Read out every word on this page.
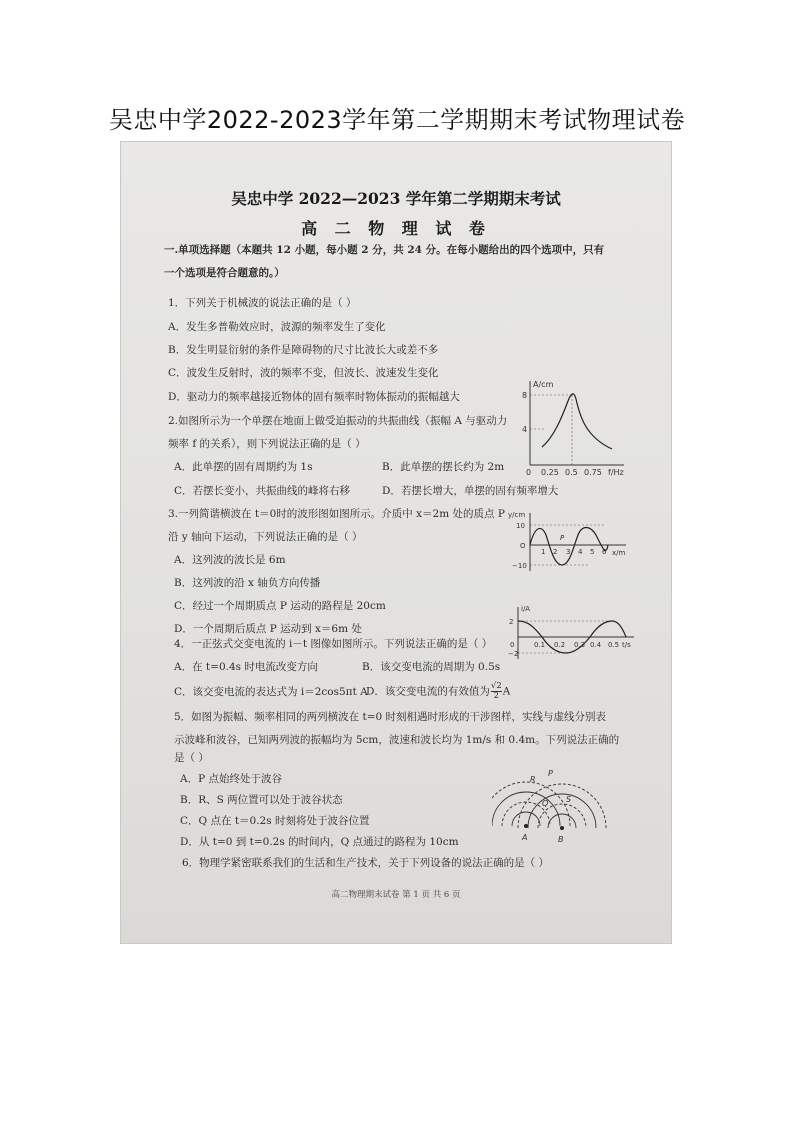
吴忠中学2022-2023学年第二学期期末考试物理试卷
吴忠中学 2022—2023 学年第二学期期末考试
高 二 物 理 试 卷
一.单项选择题（本题共 12 小题，每小题 2 分，共 24 分。在每小题给出的四个选项中，只有
一个选项是符合题意的。）
1．下列关于机械波的说法正确的是（ ）
A．发生多普勒效应时，波源的频率发生了变化
B．发生明显衍射的条件是障碍物的尺寸比波长大或差不多
C．波发生反射时，波的频率不变，但波长、波速发生变化
D．驱动力的频率越接近物体的固有频率时物体振动的振幅越大
2.如图所示为一个单摆在地面上做受迫振动的共振曲线（振幅 A 与驱动力
频率 f 的关系），则下列说法正确的是（ ）
A．此单摆的固有周期约为 1s	B．此单摆的摆长约为 2m
C．若摆长变小，共振曲线的峰将右移	D．若摆长增大，单摆的固有频率增大
A/cm
f/Hz
8
4
0 0.25 0.5 0.75
3.一列简谐横波在 t＝0时的波形图如图所示。介质中 x＝2m 处的质点 P
沿 y 轴向下运动，下列说法正确的是（ ）
A．这列波的波长是 6m
B．这列波的沿 x 轴负方向传播
C．经过一个周期质点 P 运动的路程是 20cm
D．一个周期后质点 P 运动到 x＝6m 处
y/cm
x/m
10
O
−10
1 2 3 4 5 6
P
4．一正弦式交变电流的 i－t 图像如图所示。下列说法正确的是（ ）
A．在 t=0.4s 时电流改变方向	B．该交变电流的周期为 0.5s
C．该交变电流的表达式为 i＝2cos5πt A
D．该交变电流的有效值为 $\frac{√2}{2}$ A
i/A
t/s
2
0
−2
0.1 0.2 0.3 0.4 0.5
5．如图为振幅、频率相同的两列横波在 t=0 时刻相遇时形成的干涉图样，实线与虚线分别表
示波峰和波谷，已知两列波的振幅均为 5cm，波速和波长均为 1m/s 和 0.4m。下列说法正确的
是（ ）
A．P 点始终处于波谷
B．R、S 两位置可以处于波谷状态
C．Q 点在 t＝0.2s 时刻将处于波谷位置
D．从 t=0 到 t=0.2s 的时间内，Q 点通过的路程为 10cm
P
R
S
Q
A	B
6．物理学紧密联系我们的生活和生产技术，关于下列设备的说法正确的是（ ）
高二物理期末试卷 第 1 页 共 6 页
